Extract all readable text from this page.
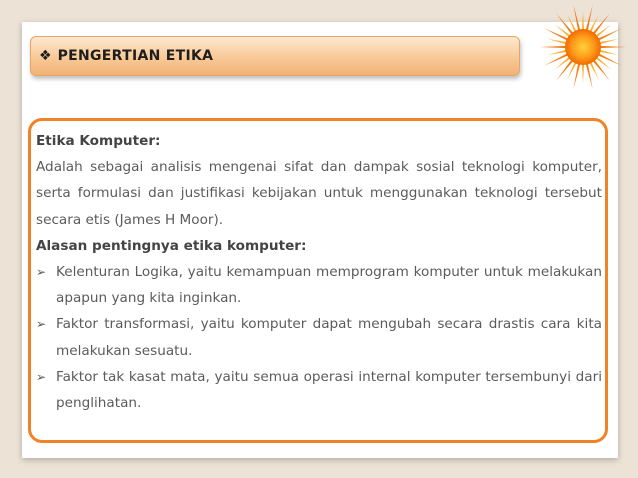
❖ PENGERTIAN ETIKA
Etika Komputer:
Adalah sebagai analisis mengenai sifat dan dampak sosial teknologi komputer, serta formulasi dan justifikasi kebijakan untuk menggunakan teknologi tersebut secara etis (James H Moor).
Alasan pentingnya etika komputer:
➢ Kelenturan Logika, yaitu kemampuan memprogram komputer untuk melakukan apapun yang kita inginkan.
➢ Faktor transformasi, yaitu komputer dapat mengubah secara drastis cara kita melakukan sesuatu.
➢ Faktor tak kasat mata, yaitu semua operasi internal komputer tersembunyi dari penglihatan.
